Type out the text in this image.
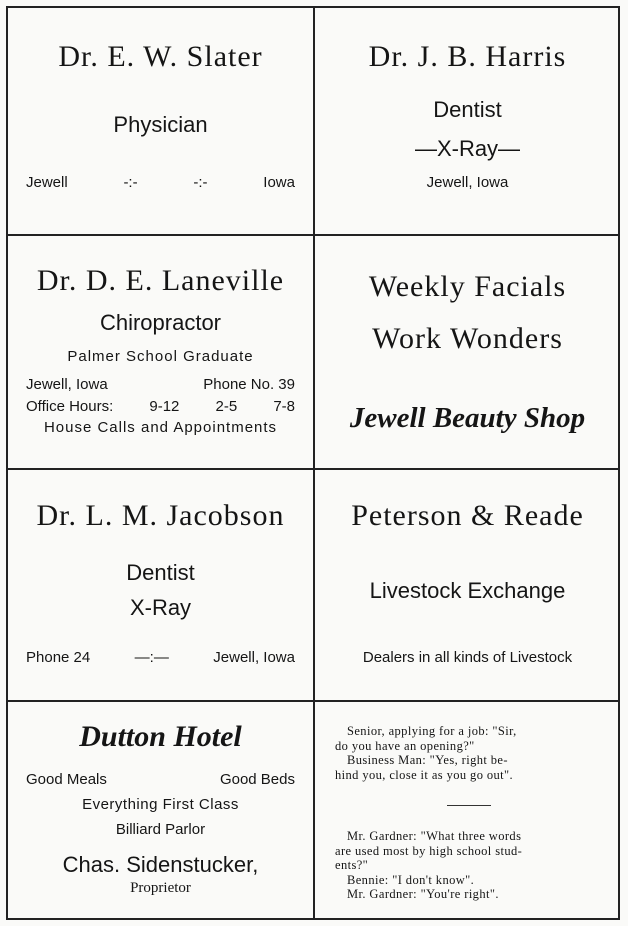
Dr. E. W. Slater
Physician
Jewell	-:-	-:-	Iowa
Dr. J. B. Harris
Dentist
—X-Ray—
Jewell, Iowa
Dr. D. E. Laneville
Chiropractor
Palmer School Graduate
Jewell, Iowa	Phone No. 39
Office Hours: 9-12 2-5 7-8
House Calls and Appointments
Weekly Facials
Work Wonders
Jewell Beauty Shop
Dr. L. M. Jacobson
Dentist
X-Ray
Phone 24	—:—	Jewell, Iowa
Peterson & Reade
Livestock Exchange
Dealers in all kinds of Livestock
Dutton Hotel
Good Meals	Good Beds
Everything First Class
Billiard Parlor
Chas. Sidenstucker,
Proprietor

Senior, applying for a job: "Sir,

do you have an opening?"

Business Man: "Yes, right be-

hind you, close it as you go out".

Mr. Gardner: "What three words

are used most by high school stud-

ents?"

Bennie: "I don't know".

Mr. Gardner: "You're right".
